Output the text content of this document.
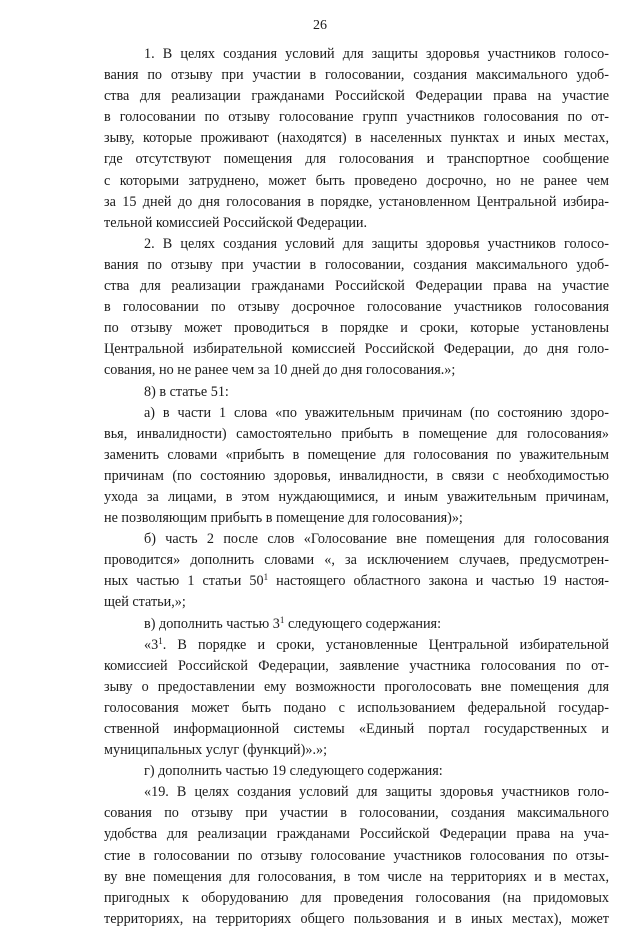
26
1. В целях создания условий для защиты здоровья участников голосо-
вания по отзыву при участии в голосовании, создания максимального удоб-
ства для реализации гражданами Российской Федерации права на участие
в голосовании по отзыву голосование групп участников голосования по от-
зыву, которые проживают (находятся) в населенных пунктах и иных местах,
где отсутствуют помещения для голосования и транспортное сообщение
с которыми затруднено, может быть проведено досрочно, но не ранее чем
за 15 дней до дня голосования в порядке, установленном Центральной избира-
тельной комиссией Российской Федерации.
2. В целях создания условий для защиты здоровья участников голосо-
вания по отзыву при участии в голосовании, создания максимального удоб-
ства для реализации гражданами Российской Федерации права на участие
в голосовании по отзыву досрочное голосование участников голосования
по отзыву может проводиться в порядке и сроки, которые установлены
Центральной избирательной комиссией Российской Федерации, до дня голо-
сования, но не ранее чем за 10 дней до дня голосования.»;
8) в статье 51:
а) в части 1 слова «по уважительным причинам (по состоянию здоро-
вья, инвалидности) самостоятельно прибыть в помещение для голосования»
заменить словами «прибыть в помещение для голосования по уважительным
причинам (по состоянию здоровья, инвалидности, в связи с необходимостью
ухода за лицами, в этом нуждающимися, и иным уважительным причинам,
не позволяющим прибыть в помещение для голосования)»;
б) часть 2 после слов «Голосование вне помещения для голосования
проводится» дополнить словами «, за исключением случаев, предусмотрен-
ных частью 1 статьи $50^1$ настоящего областного закона и частью 19 настоя-
щей статьи,»;
в) дополнить частью $3^1$ следующего содержания:
«$3^1$. В порядке и сроки, установленные Центральной избирательной
комиссией Российской Федерации, заявление участника голосования по от-
зыву о предоставлении ему возможности проголосовать вне помещения для
голосования может быть подано с использованием федеральной государ-
ственной информационной системы «Единый портал государственных и
муниципальных услуг (функций)».»;
г) дополнить частью 19 следующего содержания:
«19. В целях создания условий для защиты здоровья участников голо-
сования по отзыву при участии в голосовании, создания максимального
удобства для реализации гражданами Российской Федерации права на уча-
стие в голосовании по отзыву голосование участников голосования по отзы-
ву вне помещения для голосования, в том числе на территориях и в местах,
пригодных к оборудованию для проведения голосования (на придомовых
территориях, на территориях общего пользования и в иных местах), может
